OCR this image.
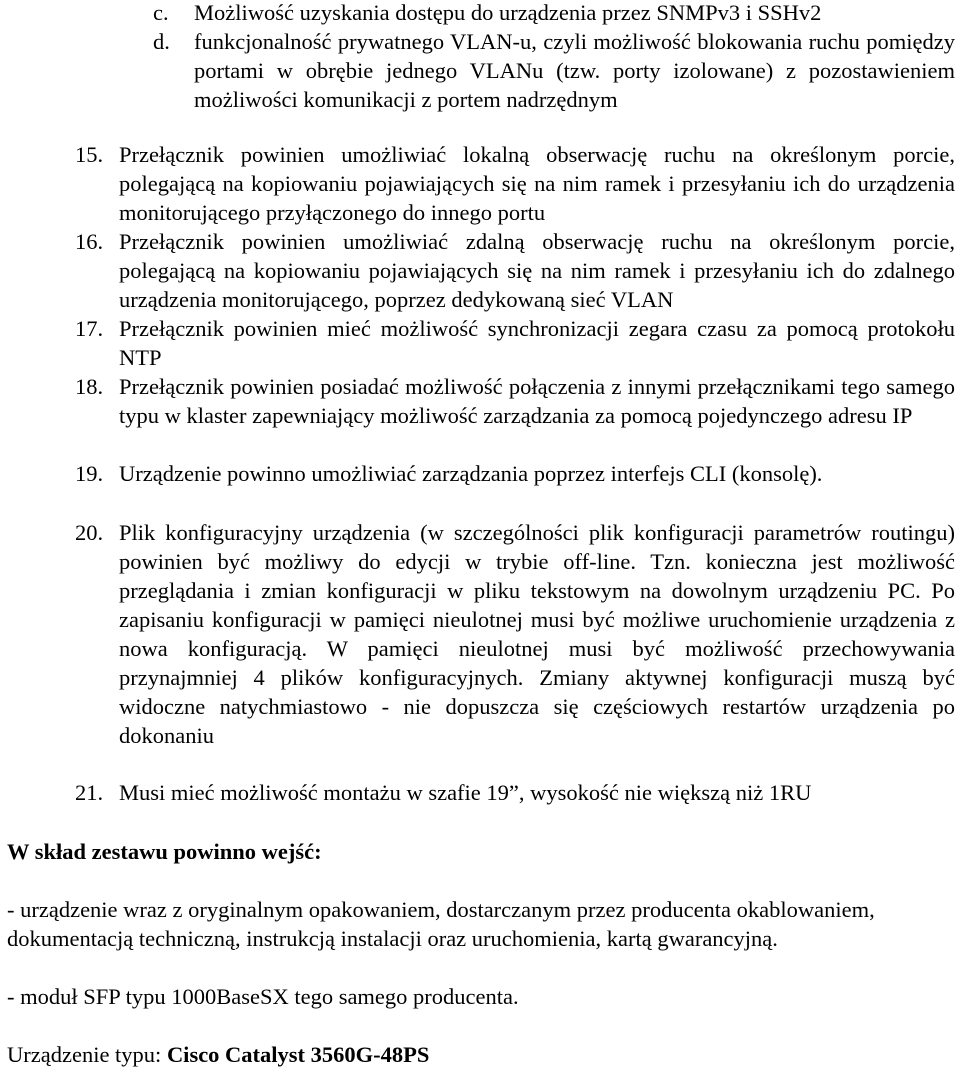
c. Możliwość uzyskania dostępu do urządzenia przez SNMPv3 i SSHv2
d. funkcjonalność prywatnego VLAN-u, czyli możliwość blokowania ruchu pomiędzy portami w obrębie jednego VLANu (tzw. porty izolowane) z pozostawieniem możliwości komunikacji z portem nadrzędnym
15. Przełącznik powinien umożliwiać lokalną obserwację ruchu na określonym porcie, polegającą na kopiowaniu pojawiających się na nim ramek i przesyłaniu ich do urządzenia monitorującego przyłączonego do innego portu
16. Przełącznik powinien umożliwiać zdalną obserwację ruchu na określonym porcie, polegającą na kopiowaniu pojawiających się na nim ramek i przesyłaniu ich do zdalnego urządzenia monitorującego, poprzez dedykowaną sieć VLAN
17. Przełącznik powinien mieć możliwość synchronizacji zegara czasu za pomocą protokołu NTP
18. Przełącznik powinien posiadać możliwość połączenia z innymi przełącznikami tego samego typu w klaster zapewniający możliwość zarządzania za pomocą pojedynczego adresu IP
19. Urządzenie powinno umożliwiać zarządzania poprzez interfejs CLI (konsolę).
20. Plik konfiguracyjny urządzenia (w szczególności plik konfiguracji parametrów routingu) powinien być możliwy do edycji w trybie off-line. Tzn. konieczna jest możliwość przeglądania i zmian konfiguracji w pliku tekstowym na dowolnym urządzeniu PC. Po zapisaniu konfiguracji w pamięci nieulotnej musi być możliwe uruchomienie urządzenia z nowa konfiguracją. W pamięci nieulotnej musi być możliwość przechowywania przynajmniej 4 plików konfiguracyjnych. Zmiany aktywnej konfiguracji muszą być widoczne natychmiastowo - nie dopuszcza się częściowych restartów urządzenia po dokonaniu
21. Musi mieć możliwość montażu w szafie 19”, wysokość nie większą niż 1RU
W skład zestawu powinno wejść:
- urządzenie wraz z oryginalnym opakowaniem, dostarczanym przez producenta okablowaniem, dokumentacją techniczną, instrukcją instalacji oraz uruchomienia, kartą gwarancyjną.
- moduł SFP typu 1000BaseSX tego samego producenta.
Urządzenie typu: Cisco Catalyst 3560G-48PS
